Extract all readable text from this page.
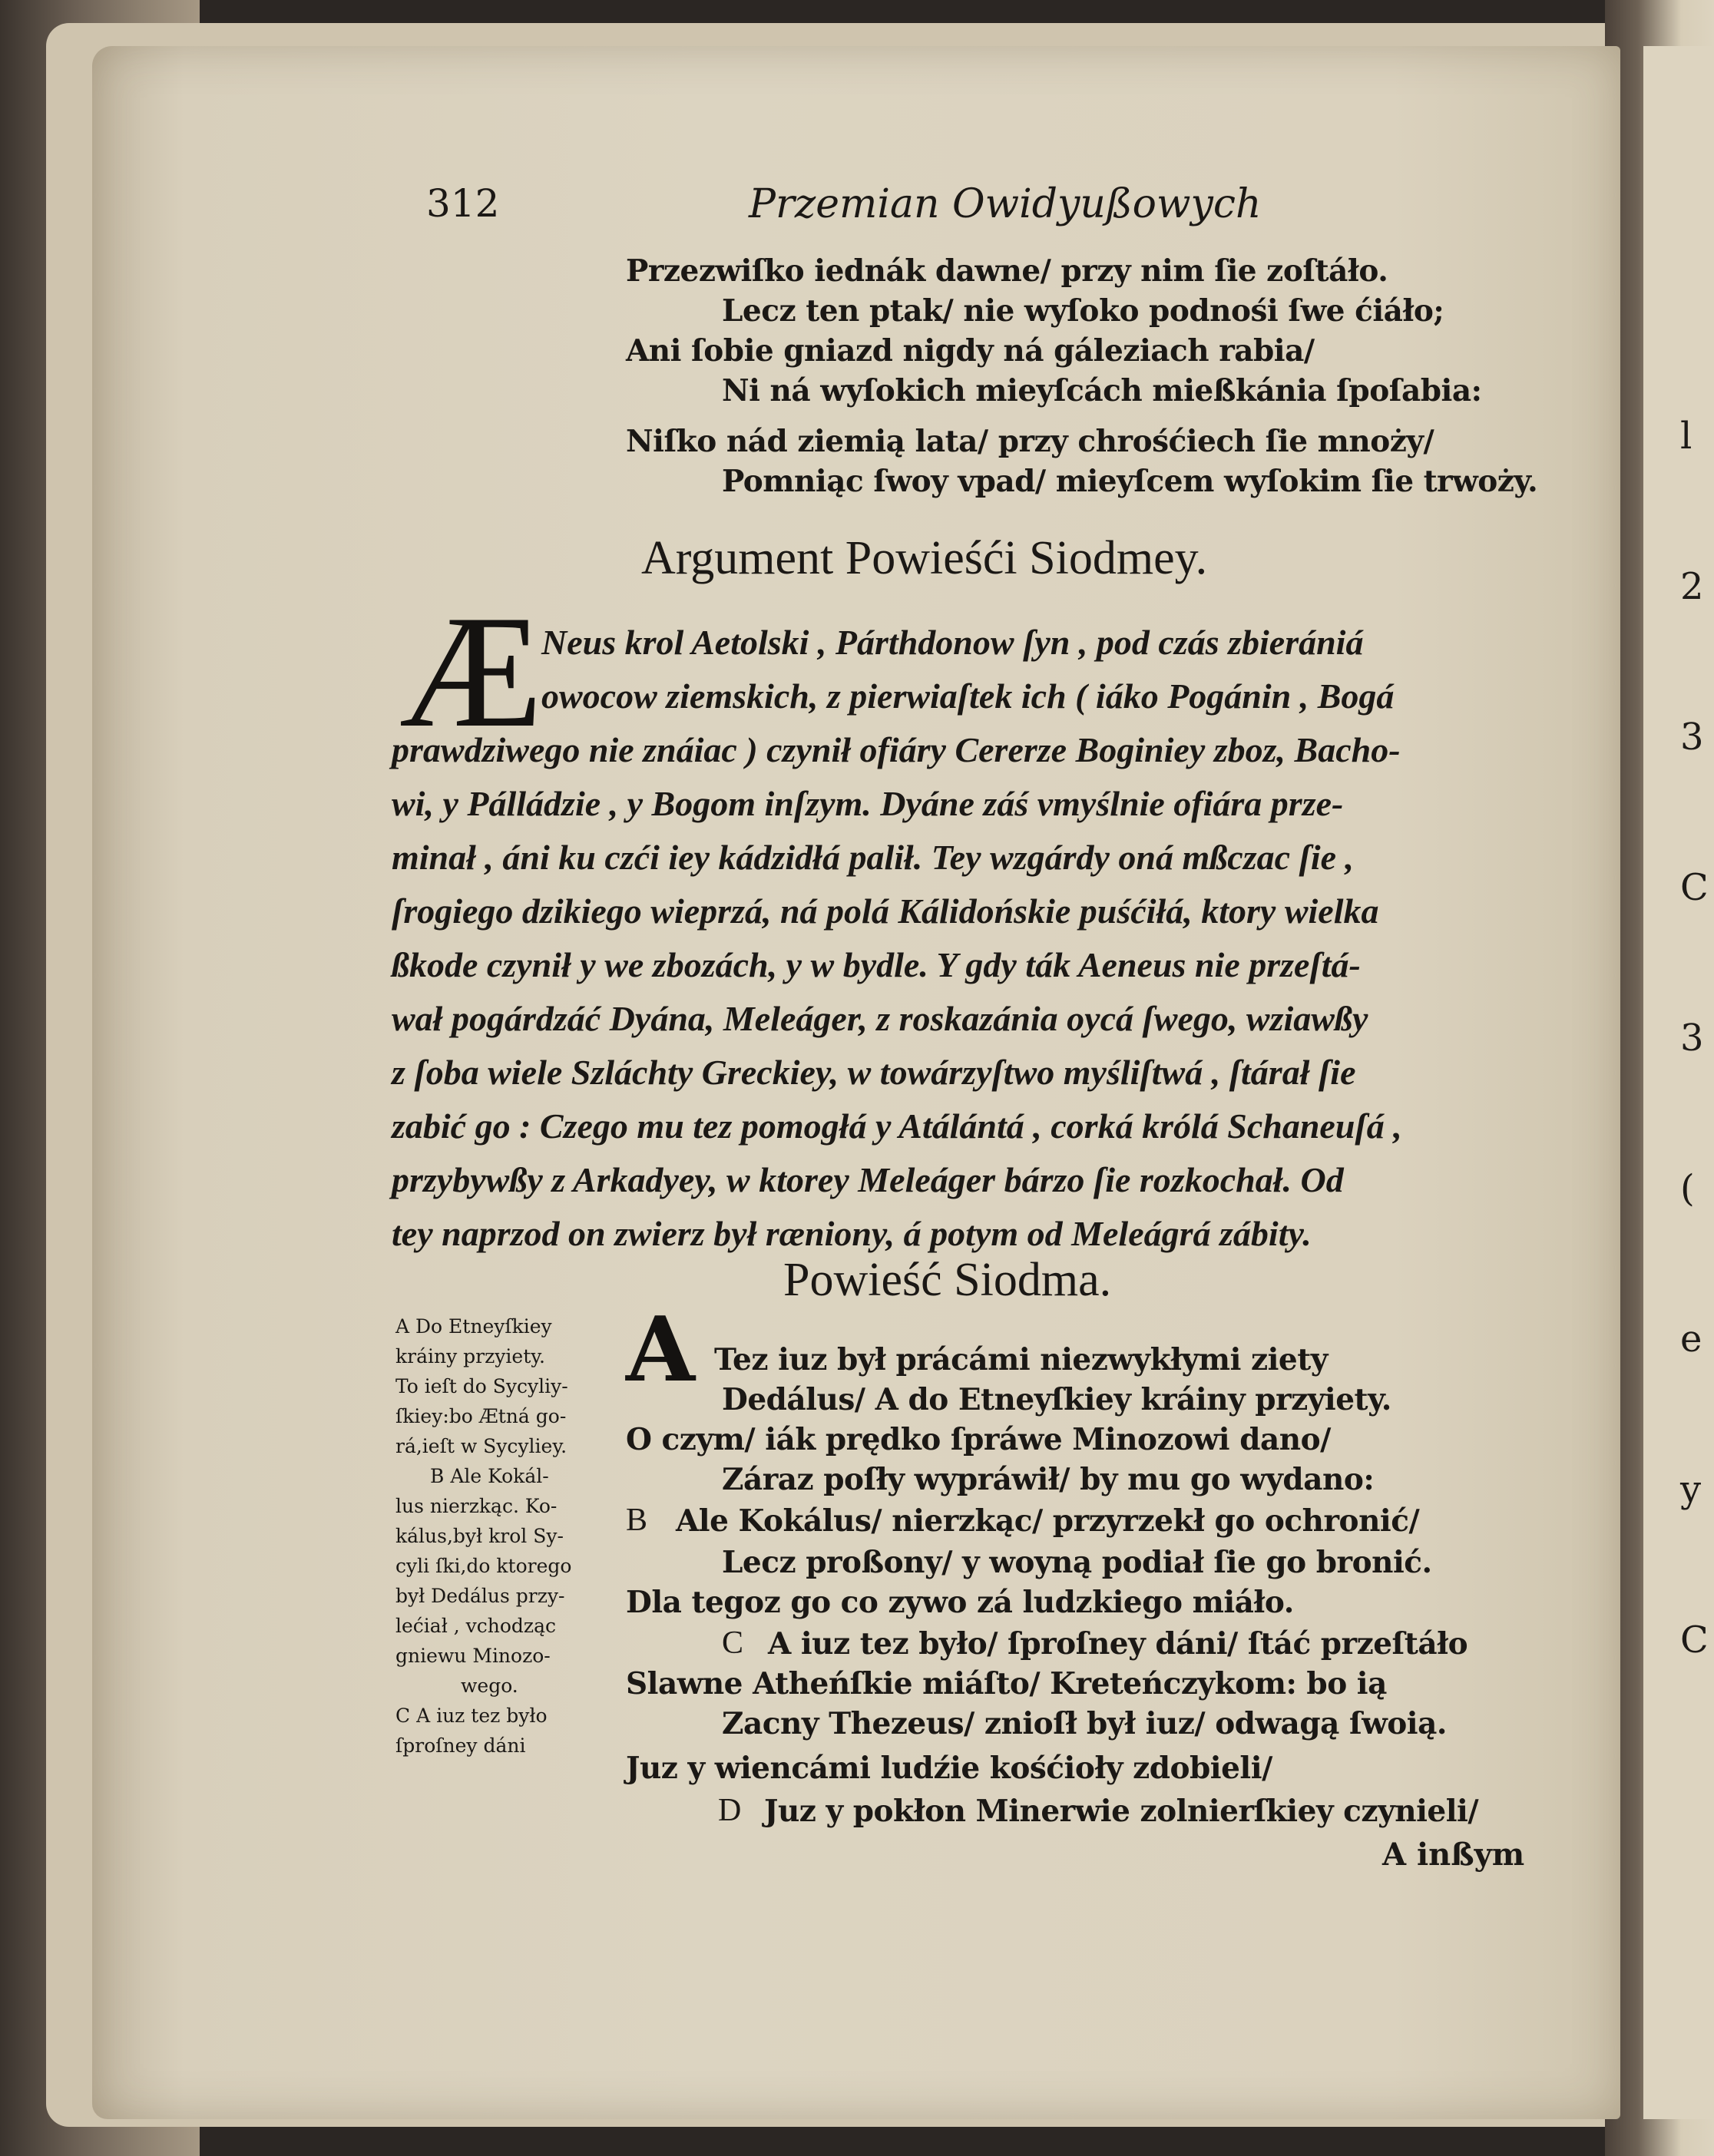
l
2
3
C
3
(
e
y
C
312	Przemian Owidyußowych
Przezwiſko iednák dawne/ przy nim ſie zoſtáło.
Lecz ten ptak/ nie wyſoko podnośi ſwe ćiáło;
Ani ſobie gniazd nigdy ná gáleziach rabia/
Ni ná wyſokich mieyſcách mießkánia ſpoſabia:
Niſko nád ziemią lata/ przy chrośćiech ſie mnoży/
Pomniąc ſwoy vpad/ mieyſcem wyſokim ſie trwoży.
Argument Powieśći Siodmey.
Æ
Neus krol Aetolski , Párthdonow ſyn , pod czás zbierániá
owocow ziemskich, z pierwiaſtek ich ( iáko Pogánin , Bogá
prawdziwego nie znáiac ) czynił ofiáry Cererze Boginiey zboz, Bacho-
wi, y Pálládzie , y Bogom inſzym. Dyáne záś vmyślnie ofiára prze-
minał , áni ku czći iey kádzidłá palił. Tey wzgárdy oná mßczac ſie ,
ſrogiego dzikiego wieprzá, ná polá Kálidońskie puśćiłá, ktory wielka
ßkode czynił y we zbozách, y w bydle. Y gdy ták Aeneus nie przeſtá-
wał pogárdzáć Dyána, Meleáger, z roskazánia oycá ſwego, wziawßy
z ſoba wiele Szláchty Greckiey, w towárzyſtwo myśliſtwá , ſtárał ſie
zabić go : Czego mu tez pomogłá y Atálántá , corká królá Schaneuſá ,
przybywßy z Arkadyey, w ktorey Meleáger bárzo ſie rozkochał. Od
tey naprzod on zwierz był ræniony, á potym od Meleágrá zábity.
Powieść Siodma.
A Do Etneyſkiey
kráiny przyiety.
To ieſt do Sycyliy-
ſkiey:bo Ætná go-
rá,ieſt w Sycyliey.
B Ale Kokál-
lus nierzkąc. Ko-
kálus,był krol Sy-
cyli ſki,do ktorego
był Dedálus przy-
lećiał , vchodząc
gniewu Minozo-
wego.
C A iuz tez było
ſproſney dáni
A Tez iuz był prácámi niezwykłymi ziety
Dedálus/ A do Etneyſkiey kráiny przyiety.
O czym/ iák prędko ſpráwe Minozowi dano/
Zárаz poſły wypráwił/ by mu go wydano:
B Ale Kokálus/ nierzkąc/ przyrzekł go ochronić/
Lecz proßony/ y woyną podiał ſie go bronić.
Dla tegoz go co zywo zá ludzkiego miáło.
C A iuz tez było/ ſproſney dáni/ ſtáć przeſtáło
Slawne Atheńſkie miáſto/ Kreteńczykom: bo ią
Zacny Thezeus/ znioſł był iuz/ odwagą ſwoią.
Juz y wiencámi ludźie kośćioły zdobieli/
D Juz y pokłon Minerwie zolnierſkiey czynieli/
A inßym
